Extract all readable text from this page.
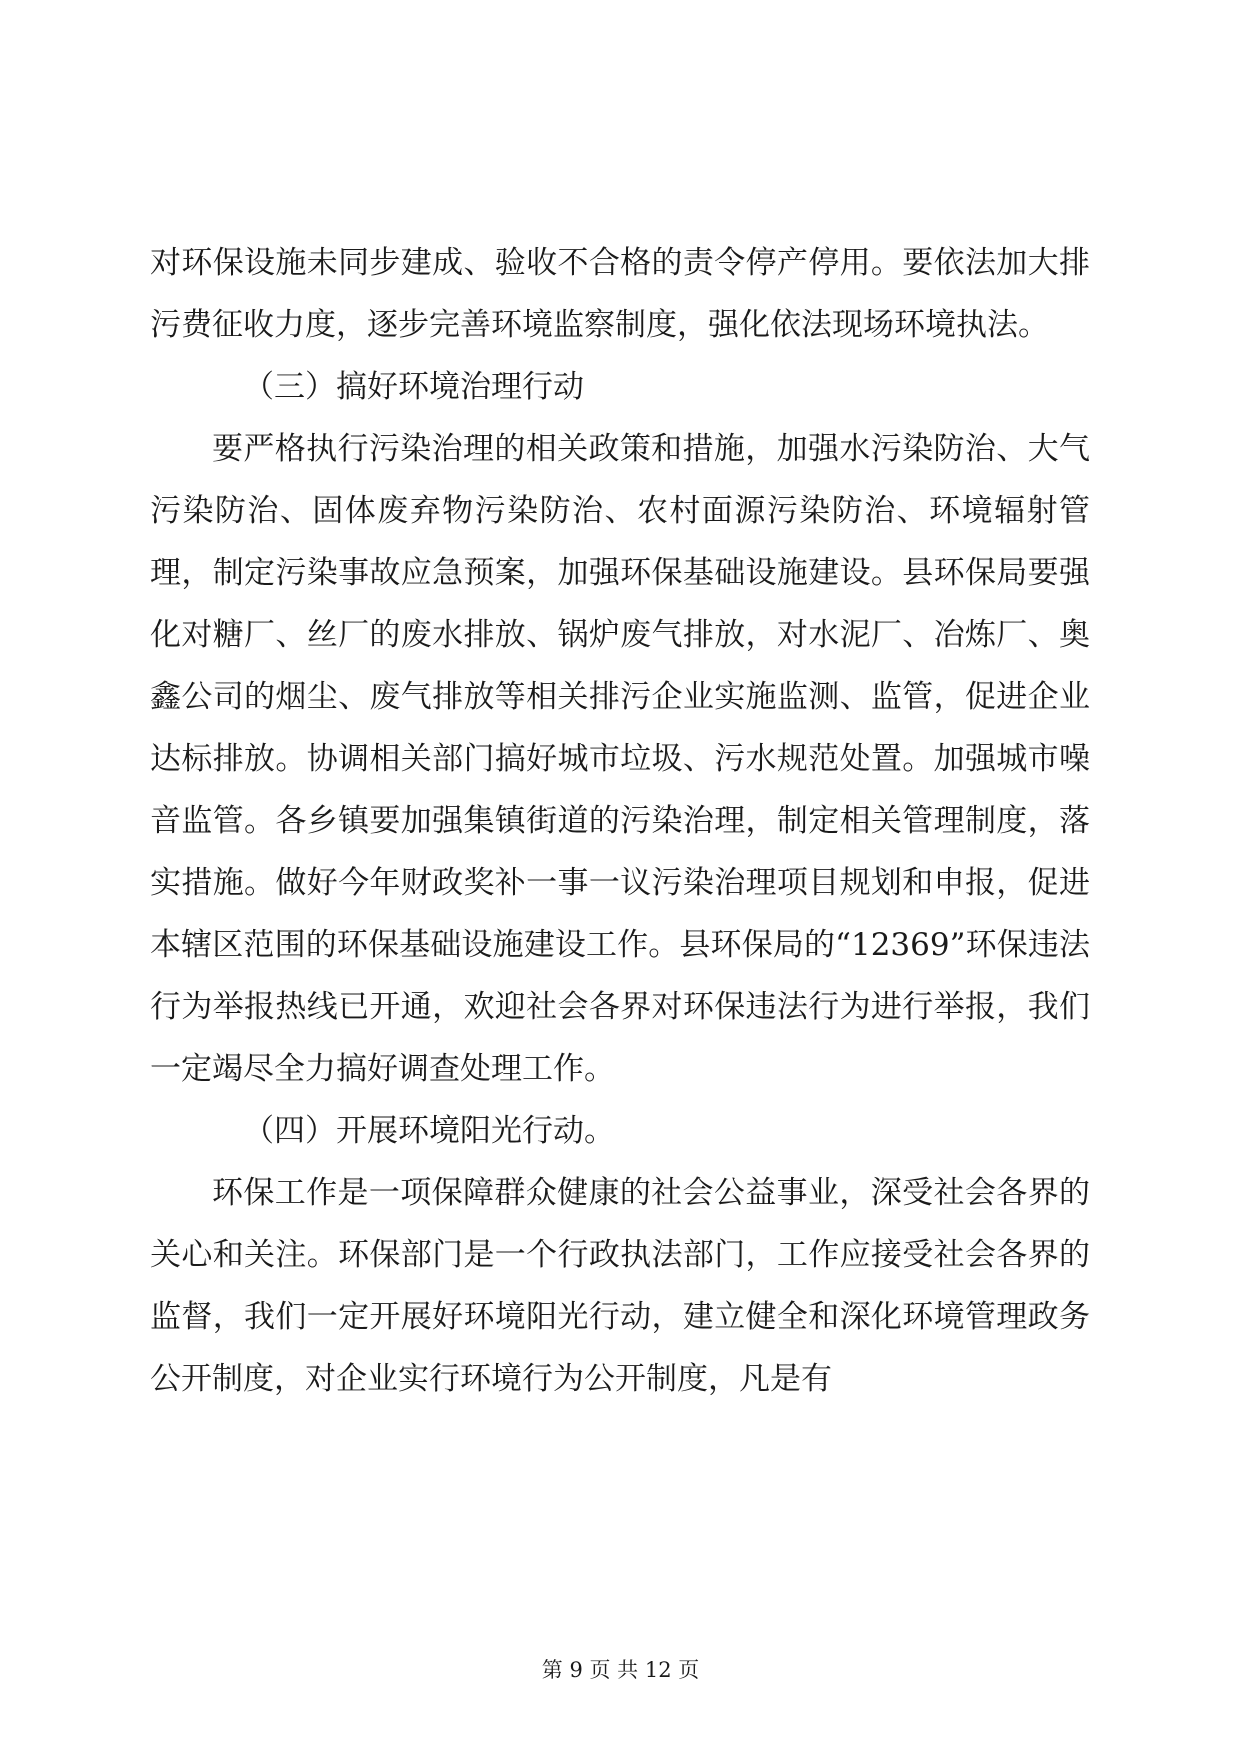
对环保设施未同步建成、验收不合格的责令停产停用。要依法加大排污费征收力度，逐步完善环境监察制度，强化依法现场环境执法。

（三）搞好环境治理行动

要严格执行污染治理的相关政策和措施，加强水污染防治、大气污染防治、固体废弃物污染防治、农村面源污染防治、环境辐射管理，制定污染事故应急预案，加强环保基础设施建设。县环保局要强化对糖厂、丝厂的废水排放、锅炉废气排放，对水泥厂、冶炼厂、奥鑫公司的烟尘、废气排放等相关排污企业实施监测、监管，促进企业达标排放。协调相关部门搞好城市垃圾、污水规范处置。加强城市噪音监管。各乡镇要加强集镇街道的污染治理，制定相关管理制度，落实措施。做好今年财政奖补一事一议污染治理项目规划和申报，促进本辖区范围的环保基础设施建设工作。县环保局的“12369”环保违法行为举报热线已开通，欢迎社会各界对环保违法行为进行举报，我们一定竭尽全力搞好调查处理工作。

（四）开展环境阳光行动。

环保工作是一项保障群众健康的社会公益事业，深受社会各界的关心和关注。环保部门是一个行政执法部门，工作应接受社会各界的监督，我们一定开展好环境阳光行动，建立健全和深化环境管理政务公开制度，对企业实行环境行为公开制度，凡是有

第 9 页 共 12 页
